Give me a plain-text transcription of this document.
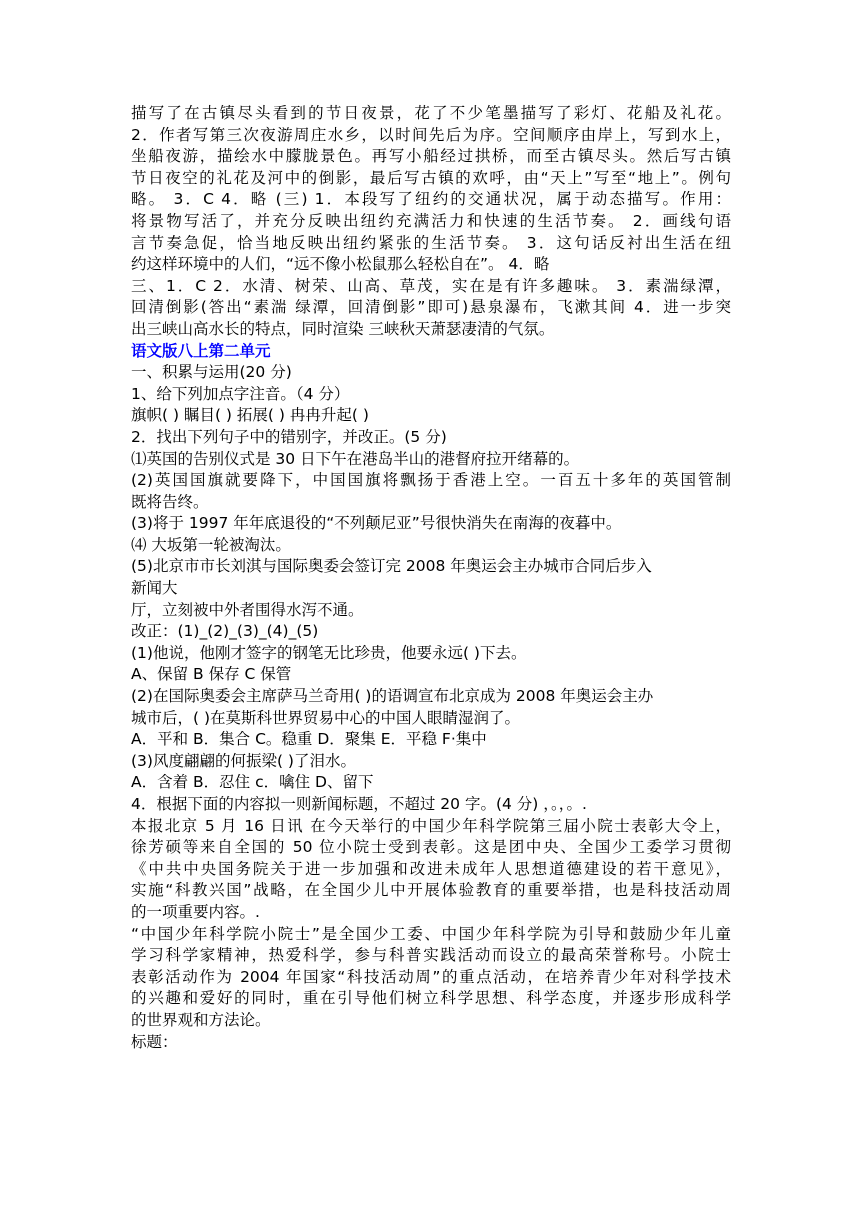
描写了在古镇尽头看到的节日夜景，花了不少笔墨描写了彩灯、花船及礼花。
2．作者写第三次夜游周庄水乡，以时间先后为序。空间顺序由岸上，写到水上，
坐船夜游，描绘水中朦胧景色。再写小船经过拱桥，而至古镇尽头。然后写古镇
节日夜空的礼花及河中的倒影，最后写古镇的欢呼，由“天上”写至“地上”。例句
略。 3．C 4．略 (三) 1．本段写了纽约的交通状况，属于动态描写。作用：
将景物写活了，并充分反映出纽约充满活力和快速的生活节奏。 2．画线句语
言节奏急促，恰当地反映出纽约紧张的生活节奏。 3．这句话反衬出生活在纽
约这样环境中的人们，“远不像小松鼠那么轻松自在”。 4．略
三、1．C 2．水清、树荣、山高、草茂，实在是有许多趣味。 3．素湍绿潭，
回清倒影(答出“素湍 绿潭，回清倒影”即可)悬泉瀑布，飞漱其间 4．进一步突
出三峡山高水长的特点，同时渲染 三峡秋天萧瑟凄清的气氛。
语文版八上第二单元
一、积累与运用(20 分)
1、给下列加点字注音。（4 分）
旗帜( ) 瞩目( ) 拓展( ) 冉冉升起( )
2．找出下列句子中的错别字，并改正。(5 分)
⑴英国的告别仪式是 30 日下午在港岛半山的港督府拉开绪幕的。
(2)英国国旗就要降下，中国国旗将飘扬于香港上空。一百五十多年的英国管制
既将告终。
(3)将于 1997 年年底退役的“不列颠尼亚”号很快消失在南海的夜暮中。
⑷ 大坂第一轮被淘汰。
(5)北京市市长刘淇与国际奥委会签订完 2008 年奥运会主办城市合同后步入
新闻大
厅，立刻被中外者围得水泻不通。
改正：(1)_(2)_(3)_(4)_(5)
(1)他说，他刚才签字的钢笔无比珍贵，他要永远( )下去。
A、保留 B 保存 C 保管
(2)在国际奥委会主席萨马兰奇用( )的语调宣布北京成为 2008 年奥运会主办
城市后，( )在莫斯科世界贸易中心的中国人眼睛湿润了。
A．平和 B．集合 C。稳重 D．聚集 E．平稳 F·集中
(3)风度翩翩的何振梁( )了泪水。
A．含着 B．忍住 c．噙住 D、留下
4．根据下面的内容拟一则新闻标题，不超过 20 字。(4 分) ，。，。.
本报北京 5 月 16 日讯 在今天举行的中国少年科学院第三届小院士表彰大令上，
徐芳硕等来自全国的 50 位小院士受到表彰。这是团中央、全国少工委学习贯彻
《中共中央国务院关于进一步加强和改进未成年人思想道德建设的若干意见》，
实施“科教兴国”战略，在全国少儿中开展体验教育的重要举措，也是科技活动周
的一项重要内容。.
“中国少年科学院小院士”是全国少工委、中国少年科学院为引导和鼓励少年儿童
学习科学家精神，热爱科学，参与科普实践活动而设立的最高荣誉称号。小院士
表彰活动作为 2004 年国家“科技活动周”的重点活动，在培养青少年对科学技术
的兴趣和爱好的同时，重在引导他们树立科学思想、科学态度，并逐步形成科学
的世界观和方法论。
标题：
